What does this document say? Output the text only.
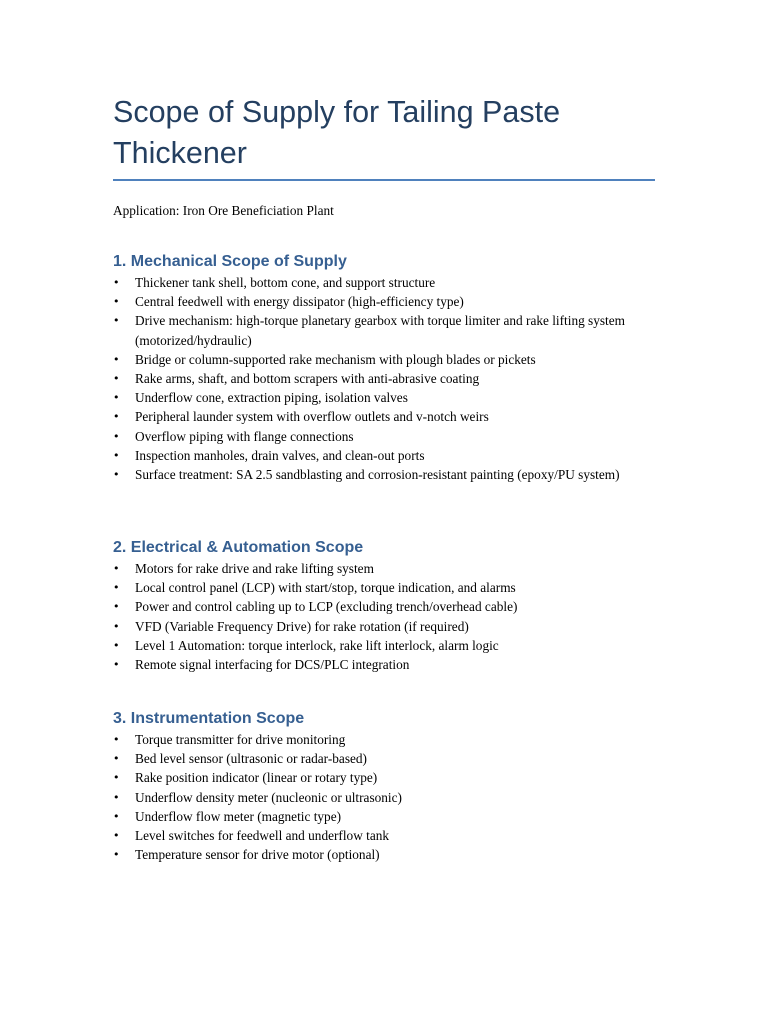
Scope of Supply for Tailing Paste Thickener
Application: Iron Ore Beneficiation Plant
1. Mechanical Scope of Supply
• Thickener tank shell, bottom cone, and support structure
• Central feedwell with energy dissipator (high-efficiency type)
• Drive mechanism: high-torque planetary gearbox with torque limiter and rake lifting system (motorized/hydraulic)
• Bridge or column-supported rake mechanism with plough blades or pickets
• Rake arms, shaft, and bottom scrapers with anti-abrasive coating
• Underflow cone, extraction piping, isolation valves
• Peripheral launder system with overflow outlets and v-notch weirs
• Overflow piping with flange connections
• Inspection manholes, drain valves, and clean-out ports
• Surface treatment: SA 2.5 sandblasting and corrosion-resistant painting (epoxy/PU system)
2. Electrical & Automation Scope
• Motors for rake drive and rake lifting system
• Local control panel (LCP) with start/stop, torque indication, and alarms
• Power and control cabling up to LCP (excluding trench/overhead cable)
• VFD (Variable Frequency Drive) for rake rotation (if required)
• Level 1 Automation: torque interlock, rake lift interlock, alarm logic
• Remote signal interfacing for DCS/PLC integration
3. Instrumentation Scope
• Torque transmitter for drive monitoring
• Bed level sensor (ultrasonic or radar-based)
• Rake position indicator (linear or rotary type)
• Underflow density meter (nucleonic or ultrasonic)
• Underflow flow meter (magnetic type)
• Level switches for feedwell and underflow tank
• Temperature sensor for drive motor (optional)
